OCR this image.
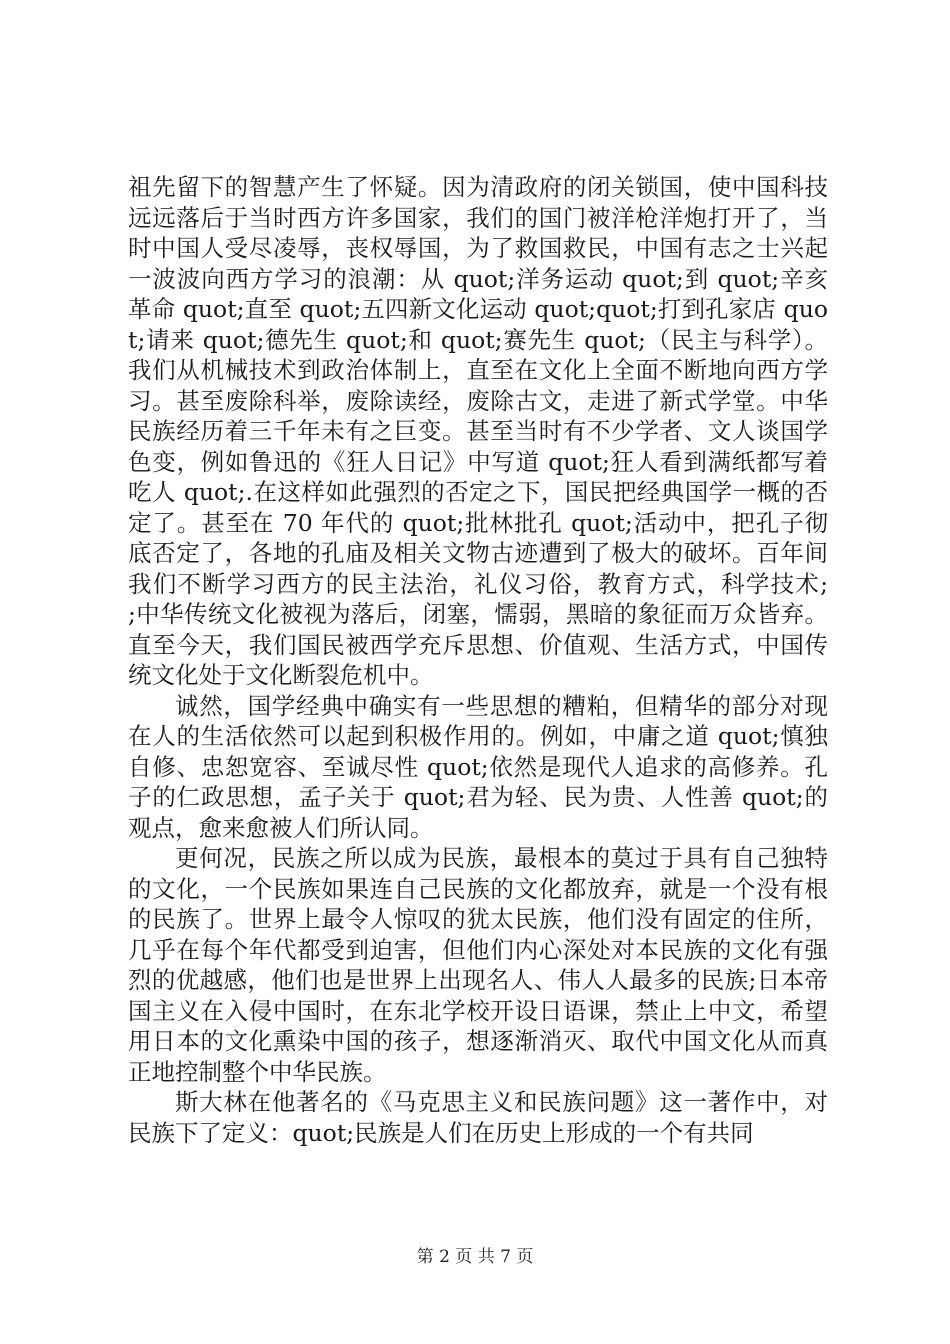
祖先留下的智慧产生了怀疑。因为清政府的闭关锁国，使中国科技远远落后于当时西方许多国家，我们的国门被洋枪洋炮打开了，当时中国人受尽凌辱，丧权辱国，为了救国救民，中国有志之士兴起一波波向西方学习的浪潮：从 quot;洋务运动 quot;到 quot;辛亥革命 quot;直至 quot;五四新文化运动 quot;quot;打到孔家店 quot;请来 quot;德先生 quot;和 quot;赛先生 quot;（民主与科学）。我们从机械技术到政治体制上，直至在文化上全面不断地向西方学习。甚至废除科举，废除读经，废除古文，走进了新式学堂。中华民族经历着三千年未有之巨变。甚至当时有不少学者、文人谈国学色变，例如鲁迅的《狂人日记》中写道 quot;狂人看到满纸都写着吃人 quot;.在这样如此强烈的否定之下，国民把经典国学一概的否定了。甚至在 70 年代的 quot;批林批孔 quot;活动中，把孔子彻底否定了，各地的孔庙及相关文物古迹遭到了极大的破坏。百年间我们不断学习西方的民主法治，礼仪习俗，教育方式，科学技术;                ;中华传统文化被视为落后，闭塞，懦弱，黑暗的象征而万众皆弃。直至今天，我们国民被西学充斥思想、价值观、生活方式，中国传统文化处于文化断裂危机中。

诚然，国学经典中确实有一些思想的糟粕，但精华的部分对现在人的生活依然可以起到积极作用的。例如，中庸之道 quot;慎独自修、忠恕宽容、至诚尽性 quot;依然是现代人追求的高修养。孔子的仁政思想，孟子关于 quot;君为轻、民为贵、人性善 quot;的观点，愈来愈被人们所认同。

更何况，民族之所以成为民族，最根本的莫过于具有自己独特的文化，一个民族如果连自己民族的文化都放弃，就是一个没有根的民族了。世界上最令人惊叹的犹太民族，他们没有固定的住所，几乎在每个年代都受到迫害，但他们内心深处对本民族的文化有强烈的优越感，他们也是世界上出现名人、伟人人最多的民族;日本帝国主义在入侵中国时，在东北学校开设日语课，禁止上中文，希望用日本的文化熏染中国的孩子，想逐渐消灭、取代中国文化从而真正地控制整个中华民族。

斯大林在他著名的《马克思主义和民族问题》这一著作中，对民族下了定义：quot;民族是人们在历史上形成的一个有共同

第 2 页 共 7 页
